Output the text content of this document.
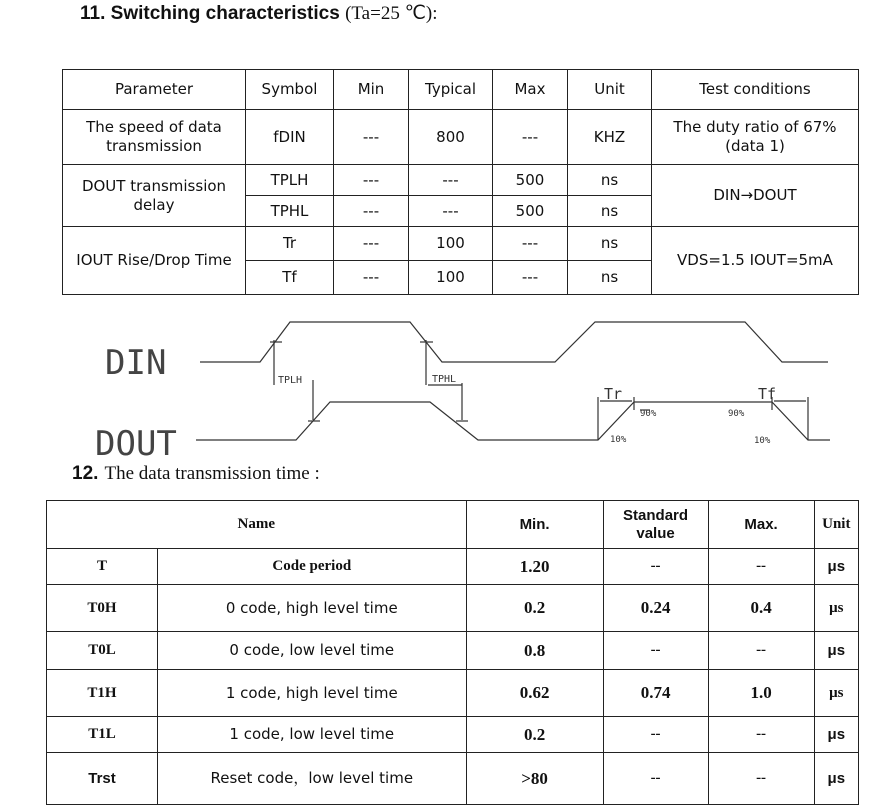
11. Switching characteristics (Ta=25 ℃):
Parameter	Symbol	Min	Typical	Max	Unit	Test conditions
The speed of data transmission	fDIN	---	800	---	KHZ	The duty ratio of 67% (data 1)
DOUT transmission delay	TPLH	---	---	500	ns	DIN→DOUT
	TPHL	---	---	500	ns	
IOUT Rise/Drop Time	Tr	---	100	---	ns	VDS=1.5 IOUT=5mA
	Tf	---	100	---	ns	
DIN
DOUT
TPLH	TPHL
Tr	Tf
90%
10%
90%
10%
12. The data transmission time :
Name		Min.	Standard value	Max.	Unit
T	Code period	1.20	--	--	μs
T0H	0 code, high level time	0.2	0.24	0.4	μs
T0L	0 code, low level time	0.8	--	--	μs
T1H	1 code, high level time	0.62	0.74	1.0	μs
T1L	1 code, low level time	0.2	--	--	μs
Trst	Reset code，low level time	>80	--	--	μs
